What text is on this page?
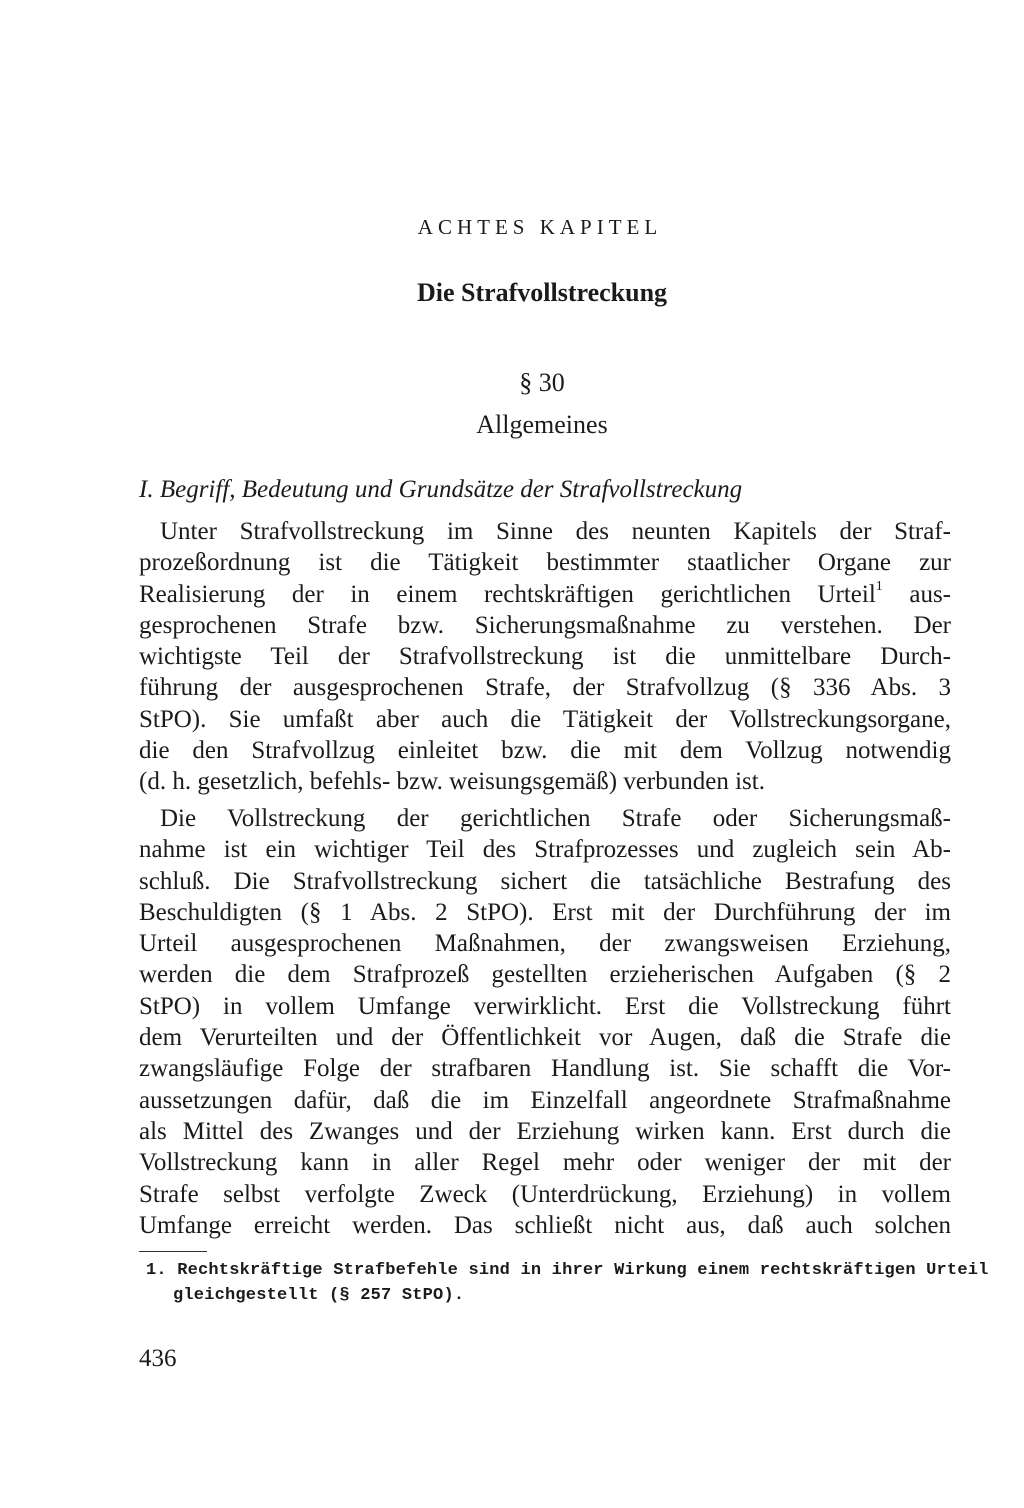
ACHTES KAPITEL
Die Strafvollstreckung
§ 30
Allgemeines
I. Begriff, Bedeutung und Grundsätze der Strafvollstreckung
Unter Strafvollstreckung im Sinne des neunten Kapitels der Straf-
prozeßordnung ist die Tätigkeit bestimmter staatlicher Organe zur
Realisierung der in einem rechtskräftigen gerichtlichen Urteil$^1$ aus-
gesprochenen Strafe bzw. Sicherungsmaßnahme zu verstehen. Der
wichtigste Teil der Strafvollstreckung ist die unmittelbare Durch-
führung der ausgesprochenen Strafe, der Strafvollzug (§ 336 Abs. 3
StPO). Sie umfaßt aber auch die Tätigkeit der Vollstreckungsorgane,
die den Strafvollzug einleitet bzw. die mit dem Vollzug notwendig
(d. h. gesetzlich, befehls- bzw. weisungsgemäß) verbunden ist.
Die Vollstreckung der gerichtlichen Strafe oder Sicherungsmaß-
nahme ist ein wichtiger Teil des Strafprozesses und zugleich sein Ab-
schluß. Die Strafvollstreckung sichert die tatsächliche Bestrafung des
Beschuldigten (§ 1 Abs. 2 StPO). Erst mit der Durchführung der im
Urteil ausgesprochenen Maßnahmen, der zwangsweisen Erziehung,
werden die dem Strafprozeß gestellten erzieherischen Aufgaben (§ 2
StPO) in vollem Umfange verwirklicht. Erst die Vollstreckung führt
dem Verurteilten und der Öffentlichkeit vor Augen, daß die Strafe die
zwangsläufige Folge der strafbaren Handlung ist. Sie schafft die Vor-
aussetzungen dafür, daß die im Einzelfall angeordnete Strafmaßnahme
als Mittel des Zwanges und der Erziehung wirken kann. Erst durch die
Vollstreckung kann in aller Regel mehr oder weniger der mit der
Strafe selbst verfolgte Zweck (Unterdrückung, Erziehung) in vollem
Umfange erreicht werden. Das schließt nicht aus, daß auch solchen
1. Rechtskräftige Strafbefehle sind in ihrer Wirkung einem rechtskräftigen Urteil
gleichgestellt (§ 257 StPO).

436
